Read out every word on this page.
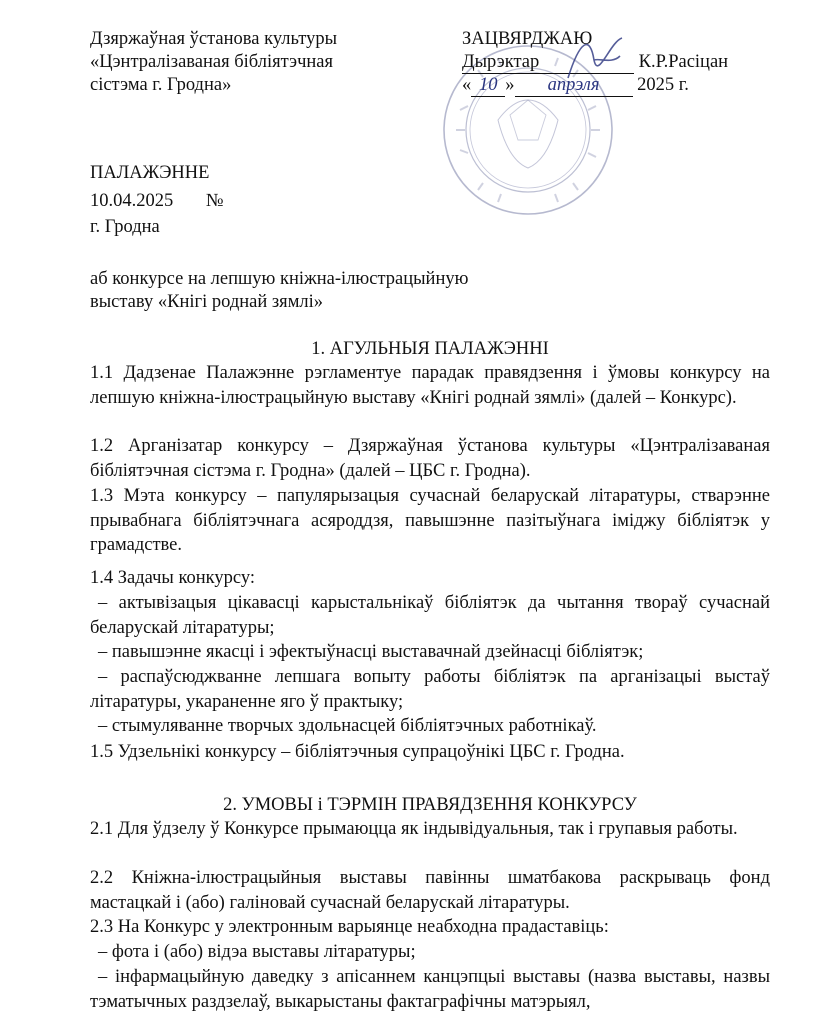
Дзяржаўная ўстанова культуры
«Цэнтралізаваная бібліятэчная
сістэма г. Гродна»
ЗАЦВЯРДЖАЮ
Дырэктар	К.Р.Расіцан
« 10 » апрэля 2025 г.
ПАЛАЖЭННЕ
10.04.2025 №
г. Гродна
аб конкурсе на лепшую кніжна-ілюстрацыйную
выставу «Кнігі роднай зямлі»
1. АГУЛЬНЫЯ ПАЛАЖЭННІ
1.1 Дадзенае Палажэнне рэгламентуе парадак правядзення і ўмовы конкурсу на лепшую кніжна-ілюстрацыйную выставу «Кнігі роднай зямлі» (далей – Конкурс).
1.2 Арганізатар конкурсу – Дзяржаўная ўстанова культуры «Цэнтралізаваная бібліятэчная сістэма г. Гродна» (далей – ЦБС г. Гродна).
1.3 Мэта конкурсу – папулярызацыя сучаснай беларускай літаратуры, стварэнне прывабнага бібліятэчнага асяроддзя, павышэнне пазітыўнага іміджу бібліятэк у грамадстве.
1.4 Задачы конкурсу:
– актывізацыя цікавасці карыстальнікаў бібліятэк да чытання твораў сучаснай беларускай літаратуры;
– павышэнне якасці і эфектыўнасці выставачнай дзейнасці бібліятэк;
– распаўсюджванне лепшага вопыту работы бібліятэк па арганізацыі выстаў літаратуры, укараненне яго ў практыку;
– стымуляванне творчых здольнасцей бібліятэчных работнікаў.
1.5 Удзельнікі конкурсу – бібліятэчныя супрацоўнікі ЦБС г. Гродна.
2. УМОВЫ і ТЭРМІН ПРАВЯДЗЕННЯ КОНКУРСУ
2.1 Для ўдзелу ў Конкурсе прымаюцца як індывідуальныя, так і групавыя работы.
2.2 Кніжна-ілюстрацыйныя выставы павінны шматбакова раскрываць фонд мастацкай і (або) галіновай сучаснай беларускай літаратуры.
2.3 На Конкурс у электронным варыянце неабходна прадаставіць:
– фота і (або) відэа выставы літаратуры;
– інфармацыйную даведку з апісаннем канцэпцыі выставы (назва выставы, назвы тэматычных раздзелаў, выкарыстаны фактаграфічны матэрыял,
